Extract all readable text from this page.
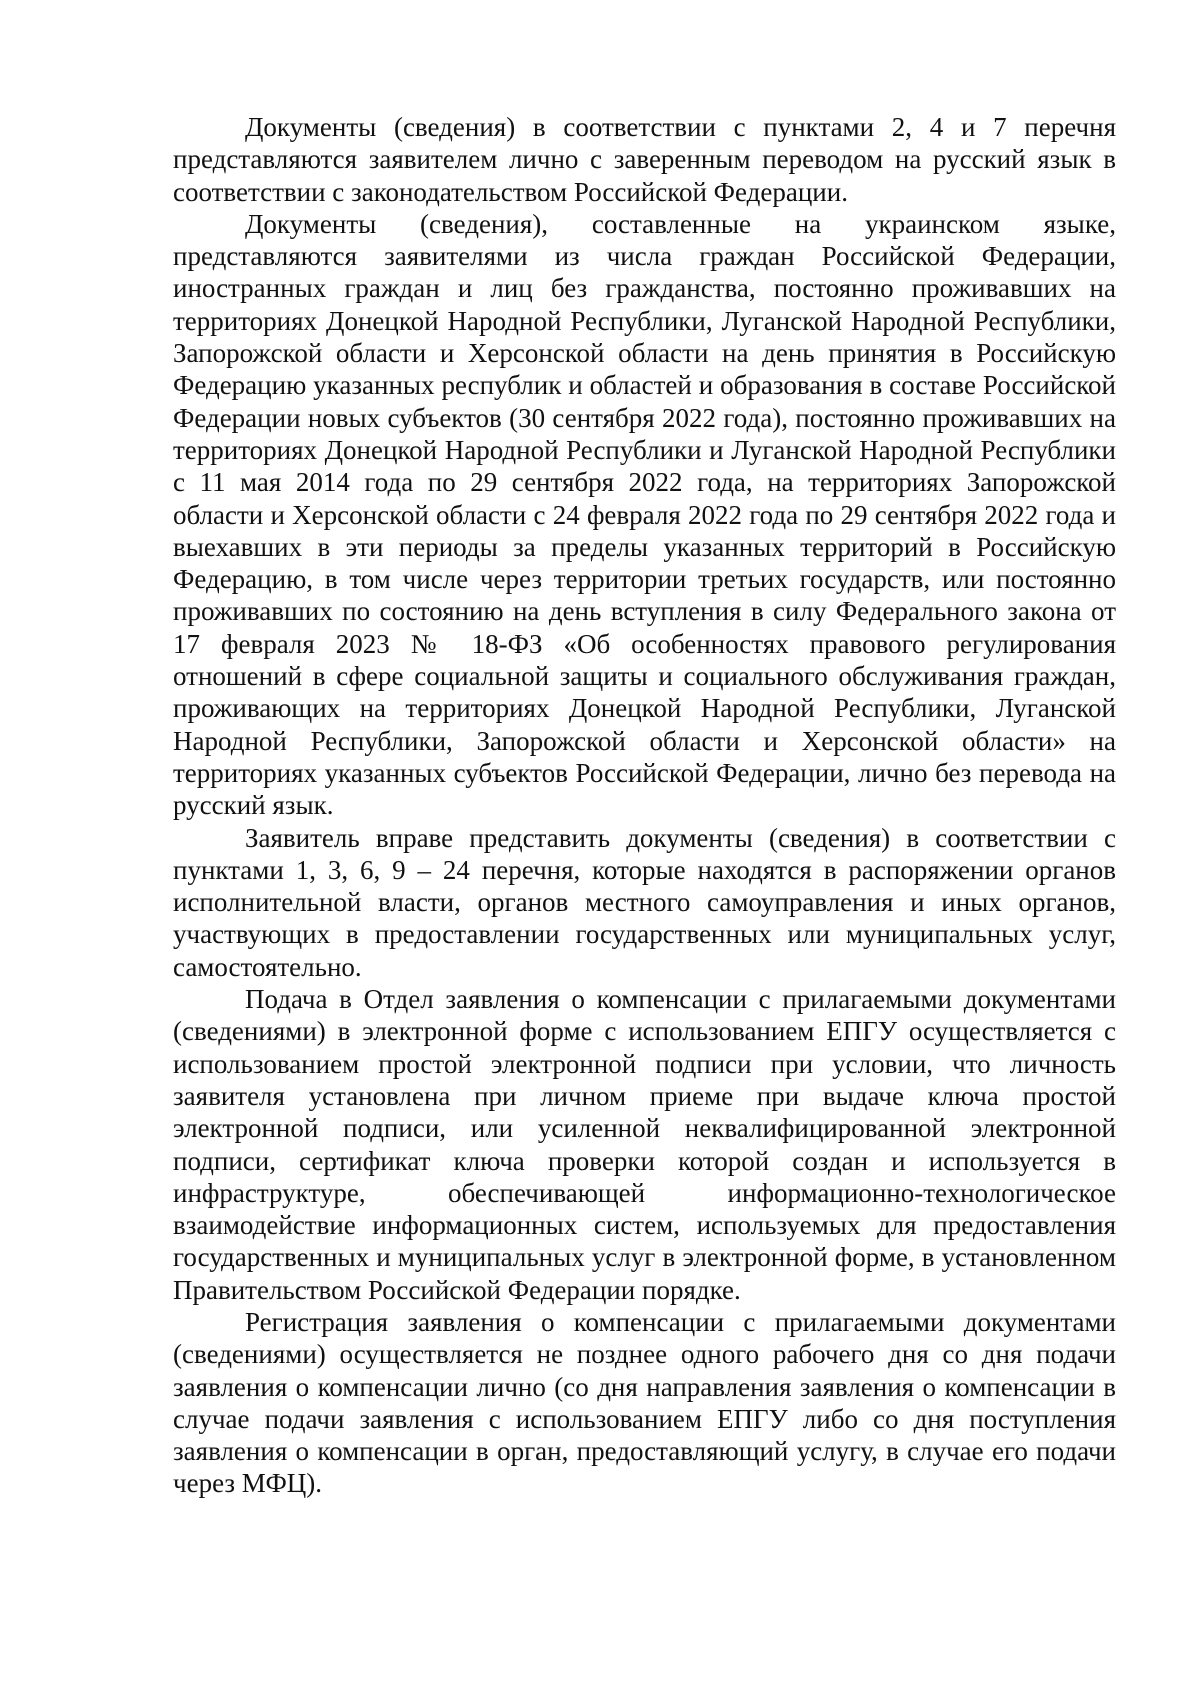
Документы (сведения) в соответствии с пунктами 2, 4 и 7 перечня представляются заявителем лично с заверенным переводом на русский язык в соответствии с законодательством Российской Федерации.

Документы (сведения), составленные на украинском языке, представляются заявителями из числа граждан Российской Федерации, иностранных граждан и лиц без гражданства, постоянно проживавших на территориях Донецкой Народной Республики, Луганской Народной Республики, Запорожской области и Херсонской области на день принятия в Российскую Федерацию указанных республик и областей и образования в составе Российской Федерации новых субъектов (30 сентября 2022 года), постоянно проживавших на территориях Донецкой Народной Республики и Луганской Народной Республики с 11 мая 2014 года по 29 сентября 2022 года, на территориях Запорожской области и Херсонской области с 24 февраля 2022 года по 29 сентября 2022 года и выехавших в эти периоды за пределы указанных территорий в Российскую Федерацию, в том числе через территории третьих государств, или постоянно проживавших по состоянию на день вступления в силу Федерального закона от 17 февраля 2023 № 18-ФЗ «Об особенностях правового регулирования отношений в сфере социальной защиты и социального обслуживания граждан, проживающих на территориях Донецкой Народной Республики, Луганской Народной Республики, Запорожской области и Херсонской области» на территориях указанных субъектов Российской Федерации, лично без перевода на русский язык.

Заявитель вправе представить документы (сведения) в соответствии с пунктами 1, 3, 6, 9 – 24 перечня, которые находятся в распоряжении органов исполнительной власти, органов местного самоуправления и иных органов, участвующих в предоставлении государственных или муниципальных услуг, самостоятельно.

Подача в Отдел заявления о компенсации с прилагаемыми документами (сведениями) в электронной форме с использованием ЕПГУ осуществляется с использованием простой электронной подписи при условии, что личность заявителя установлена при личном приеме при выдаче ключа простой электронной подписи, или усиленной неквалифицированной электронной подписи, сертификат ключа проверки которой создан и используется в инфраструктуре, обеспечивающей информационно-технологическое взаимодействие информационных систем, используемых для предоставления государственных и муниципальных услуг в электронной форме, в установленном Правительством Российской Федерации порядке.

Регистрация заявления о компенсации с прилагаемыми документами (сведениями) осуществляется не позднее одного рабочего дня со дня подачи заявления о компенсации лично (со дня направления заявления о компенсации в случае подачи заявления с использованием ЕПГУ либо со дня поступления заявления о компенсации в орган, предоставляющий услугу, в случае его подачи через МФЦ).
